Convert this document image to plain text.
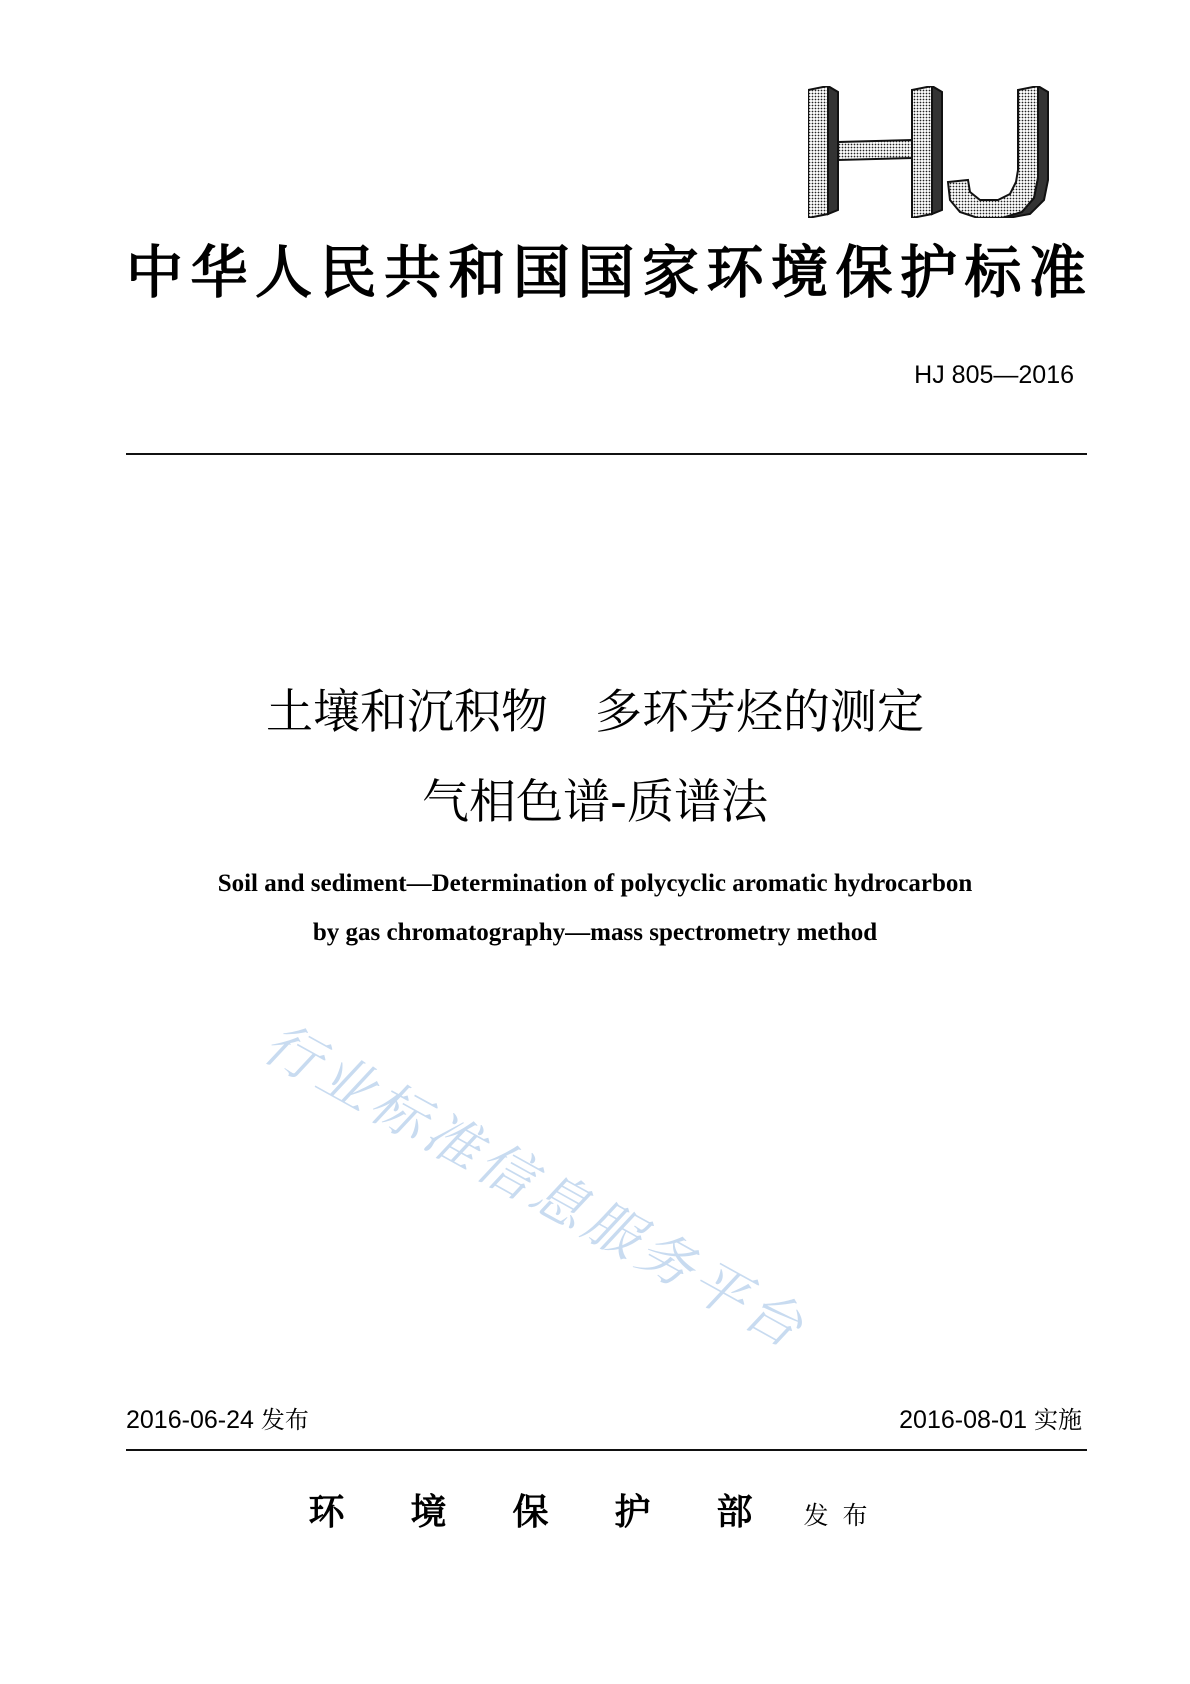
中华人民共和国国家环境保护标准
HJ 805—2016
土壤和沉积物　多环芳烃的测定
气相色谱-质谱法
Soil and sediment—Determination of polycyclic aromatic hydrocarbon
by gas chromatography—mass spectrometry method
行业标准信息服务平台
2016-06-24 发布	2016-08-01 实施
环境保护部 发布
